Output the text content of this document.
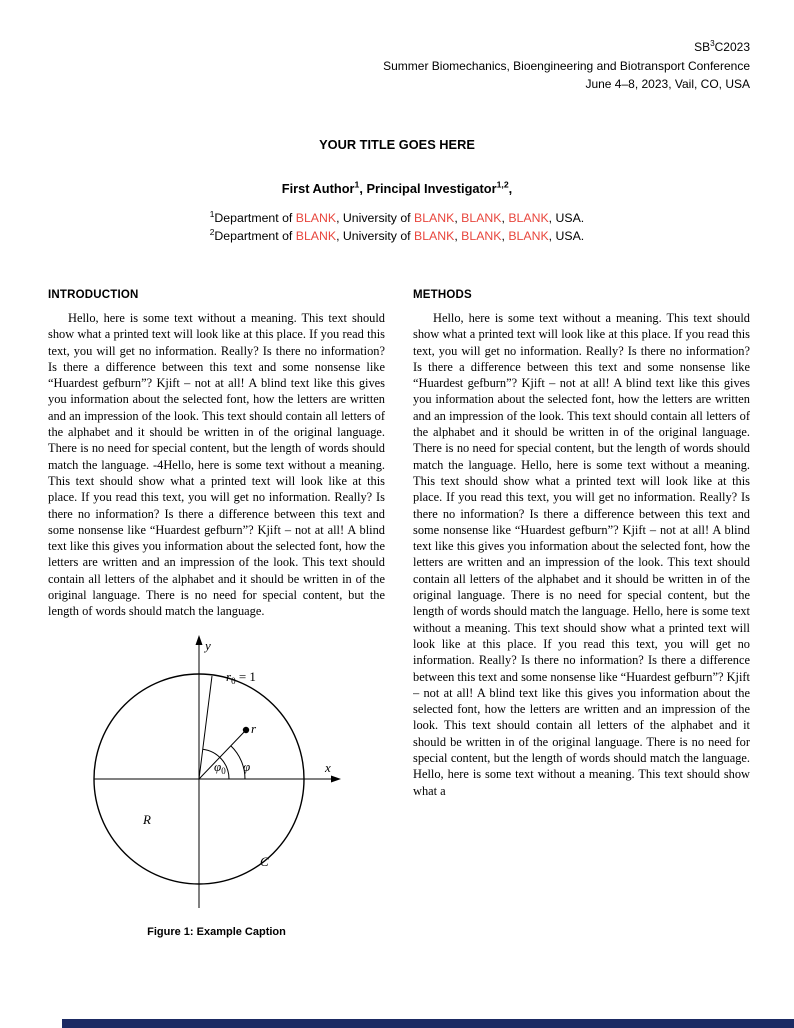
$SB^3C2023$
Summer Biomechanics, Bioengineering and Biotransport Conference
June 4–8, 2023, Vail, CO, USA
YOUR TITLE GOES HERE
First Author$^1$, Principal Investigator$^{1,2}$,
$^1$Department of BLANK, University of BLANK, BLANK, BLANK, USA.
$^2$Department of BLANK, University of BLANK, BLANK, BLANK, USA.
INTRODUCTION

Hello, here is some text without a meaning. This text should show what a printed text will look like at this place. If you read this text, you will get no information. Really? Is there no information? Is there a difference between this text and some nonsense like “Huardest gefburn”? Kjift – not at all! A blind text like this gives you information about the selected font, how the letters are written and an impression of the look. This text should contain all letters of the alphabet and it should be written in of the original language. There is no need for special content, but the length of words should match the language. -4Hello, here is some text without a meaning. This text should show what a printed text will look like at this place. If you read this text, you will get no information. Really? Is there no information? Is there a difference between this text and some nonsense like “Huardest gefburn”? Kjift – not at all! A blind text like this gives you information about the selected font, how the letters are written and an impression of the look. This text should contain all letters of the alphabet and it should be written in of the original language. There is no need for special content, but the length of words should match the language.

y
x
$r_0 = 1$
r
$\varphi_0$ φ
R
C
Figure 1: Example Caption
METHODS

Hello, here is some text without a meaning. This text should show what a printed text will look like at this place. If you read this text, you will get no information. Really? Is there no information? Is there a difference between this text and some nonsense like “Huardest gefburn”? Kjift – not at all! A blind text like this gives you information about the selected font, how the letters are written and an impression of the look. This text should contain all letters of the alphabet and it should be written in of the original language. There is no need for special content, but the length of words should match the language. Hello, here is some text without a meaning. This text should show what a printed text will look like at this place. If you read this text, you will get no information. Really? Is there no information? Is there a difference between this text and some nonsense like “Huardest gefburn”? Kjift – not at all! A blind text like this gives you information about the selected font, how the letters are written and an impression of the look. This text should contain all letters of the alphabet and it should be written in of the original language. There is no need for special content, but the length of words should match the language. Hello, here is some text without a meaning. This text should show what a printed text will look like at this place. If you read this text, you will get no information. Really? Is there no information? Is there a difference between this text and some nonsense like “Huardest gefburn”? Kjift – not at all! A blind text like this gives you information about the selected font, how the letters are written and an impression of the look. This text should contain all letters of the alphabet and it should be written in of the original language. There is no need for special content, but the length of words should match the language. Hello, here is some text without a meaning. This text should show what a
